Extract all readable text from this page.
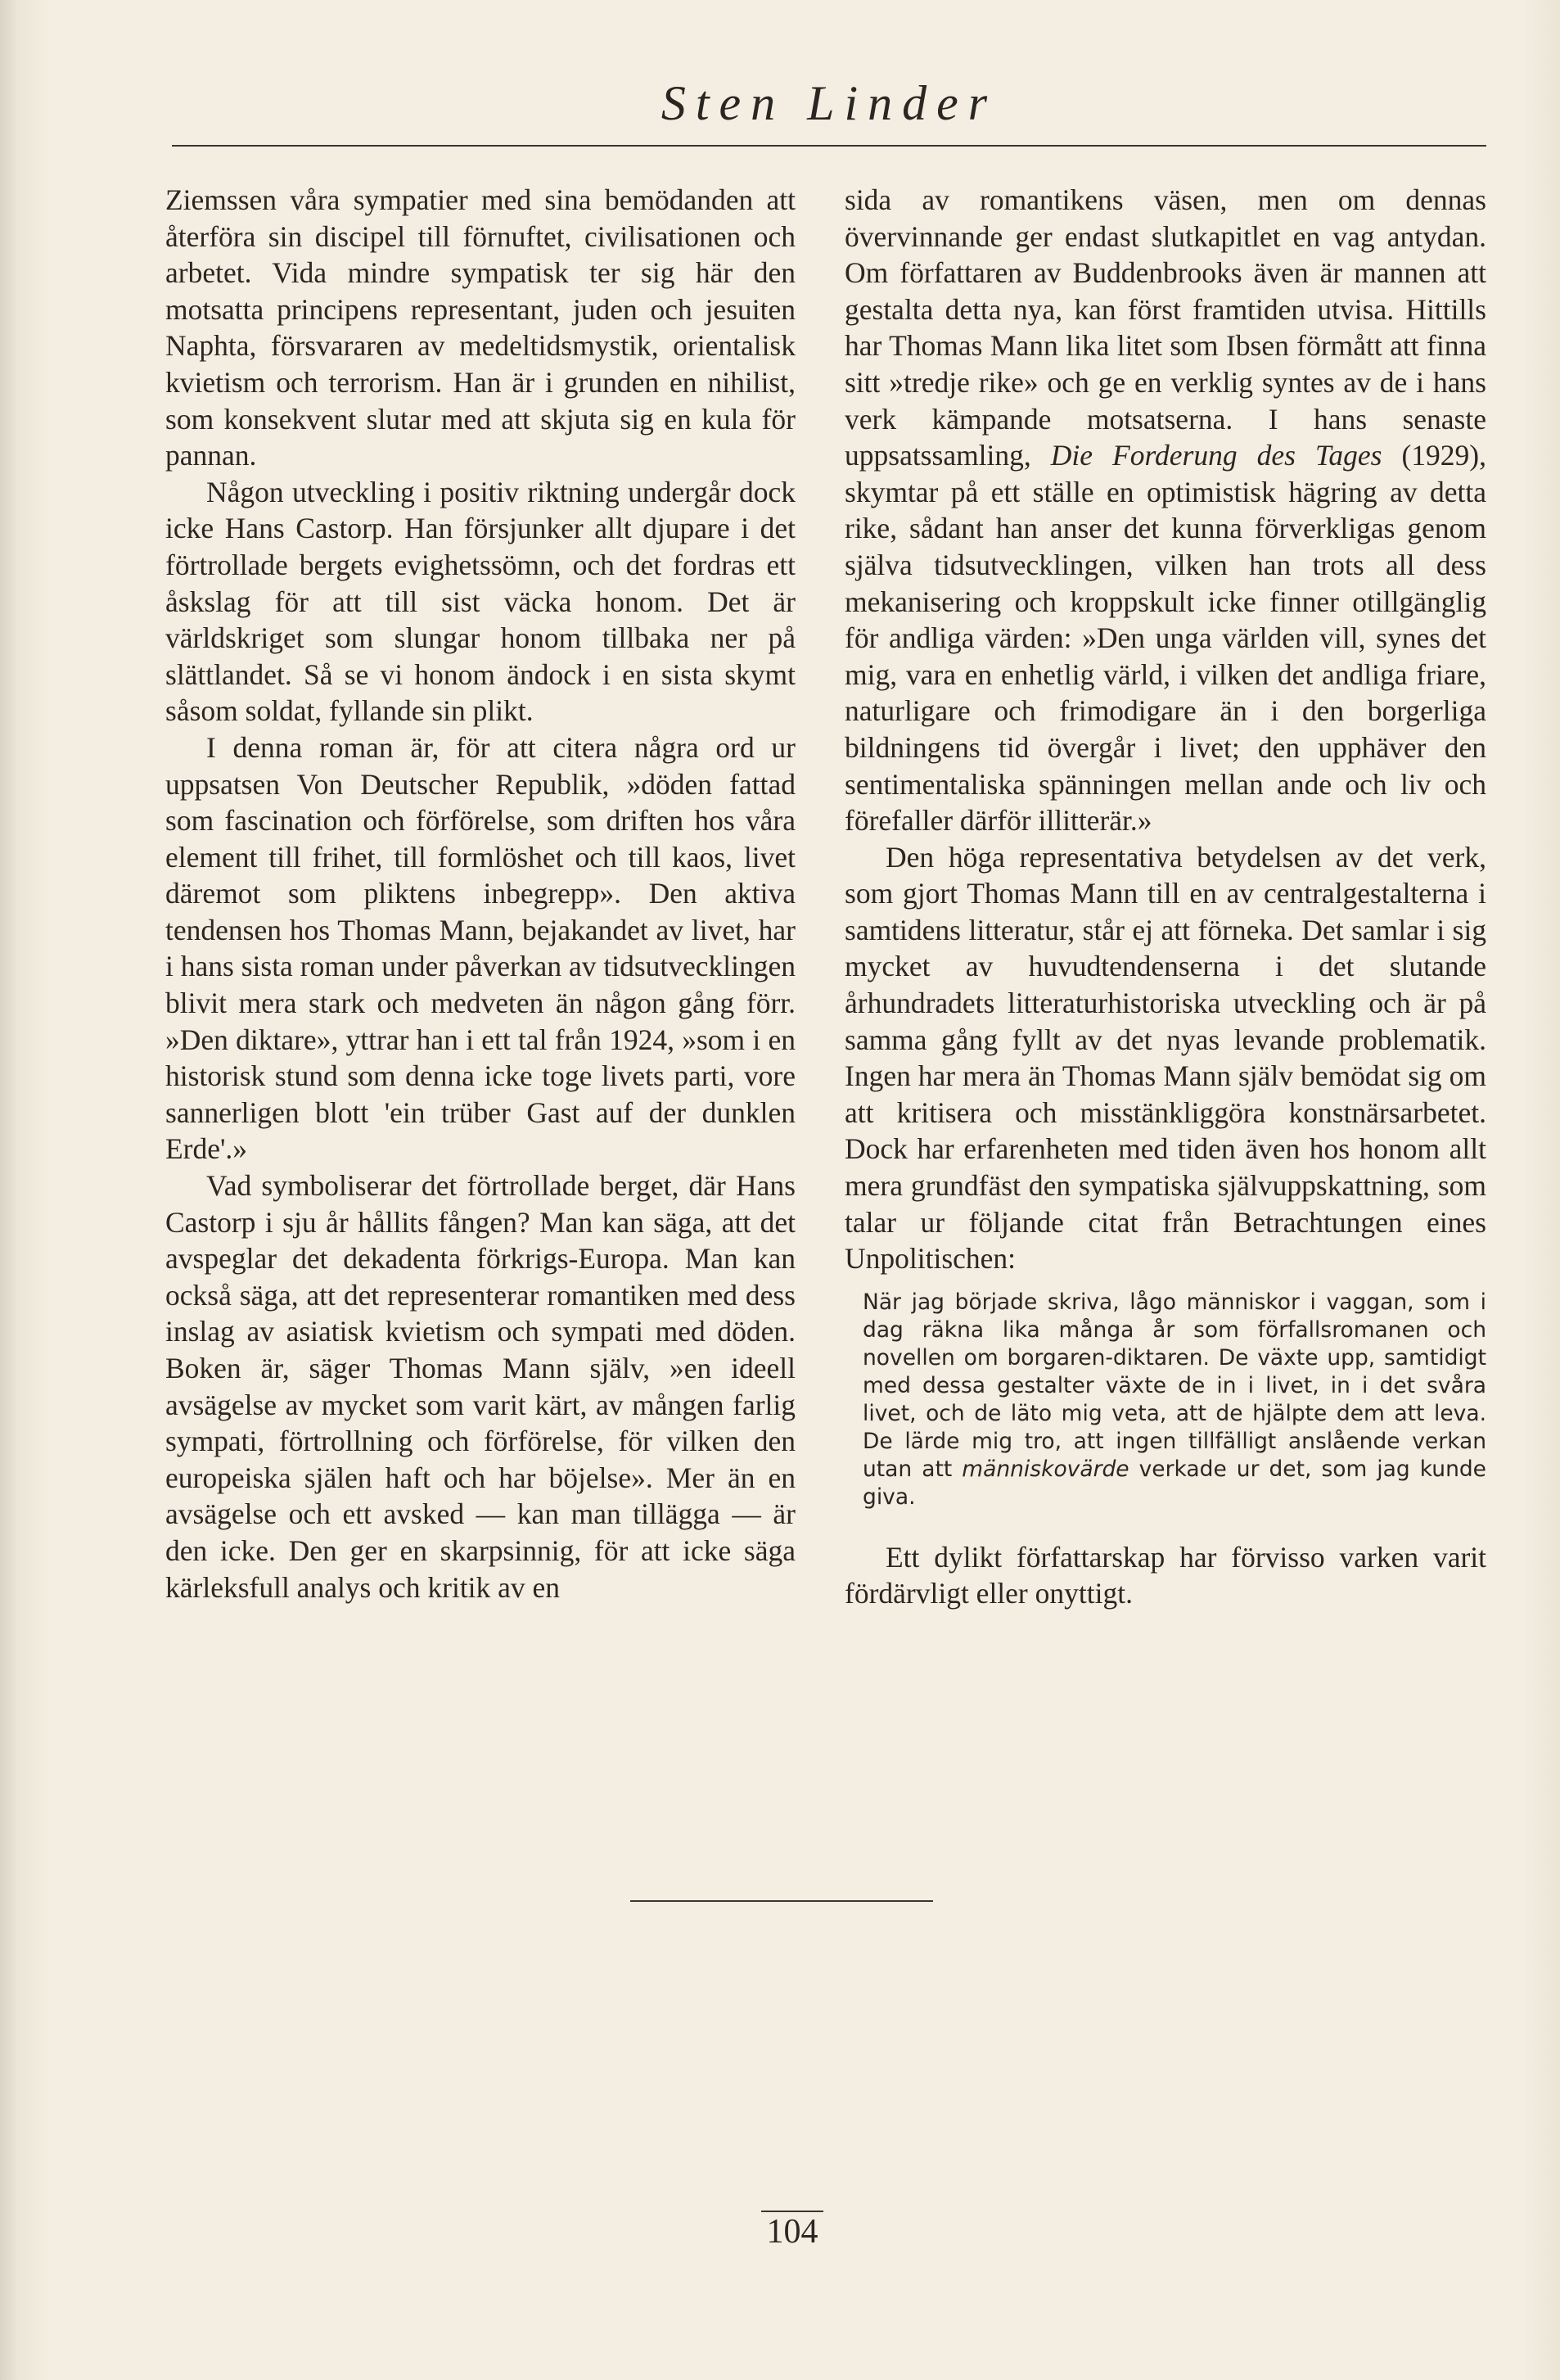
Sten Linder

Ziemssen våra sympatier med sina bemödanden att återföra sin discipel till förnuftet, civilisationen och arbetet. Vida mindre sympatisk ter sig här den motsatta principens representant, juden och jesuiten Naphta, försvararen av medeltidsmystik, orientalisk kvietism och terrorism. Han är i grunden en nihilist, som konsekvent slutar med att skjuta sig en kula för pannan.

Någon utveckling i positiv riktning undergår dock icke Hans Castorp. Han försjunker allt djupare i det förtrollade bergets evighetssömn, och det fordras ett åskslag för att till sist väcka honom. Det är världskriget som slungar honom tillbaka ner på slättlandet. Så se vi honom ändock i en sista skymt såsom soldat, fyllande sin plikt.

I denna roman är, för att citera några ord ur uppsatsen Von Deutscher Republik, »döden fattad som fascination och förförelse, som driften hos våra element till frihet, till formlöshet och till kaos, livet däremot som pliktens inbegrepp». Den aktiva tendensen hos Thomas Mann, bejakandet av livet, har i hans sista roman under påverkan av tidsutvecklingen blivit mera stark och medveten än någon gång förr. »Den diktare», yttrar han i ett tal från 1924, »som i en historisk stund som denna icke toge livets parti, vore sannerligen blott 'ein trüber Gast auf der dunklen Erde'.»

Vad symboliserar det förtrollade berget, där Hans Castorp i sju år hållits fången? Man kan säga, att det avspeglar det dekadenta förkrigs-Europa. Man kan också säga, att det representerar romantiken med dess inslag av asiatisk kvietism och sympati med döden. Boken är, säger Thomas Mann själv, »en ideell avsägelse av mycket som varit kärt, av mången farlig sympati, förtrollning och förförelse, för vilken den europeiska själen haft och har böjelse». Mer än en avsägelse och ett avsked — kan man tillägga — är den icke. Den ger en skarpsinnig, för att icke säga kärleksfull analys och kritik av en

sida av romantikens väsen, men om dennas övervinnande ger endast slutkapitlet en vag antydan. Om författaren av Buddenbrooks även är mannen att gestalta detta nya, kan först framtiden utvisa. Hittills har Thomas Mann lika litet som Ibsen förmått att finna sitt »tredje rike» och ge en verklig syntes av de i hans verk kämpande motsatserna. I hans senaste uppsatssamling, Die Forderung des Tages (1929), skymtar på ett ställe en optimistisk hägring av detta rike, sådant han anser det kunna förverkligas genom själva tidsutvecklingen, vilken han trots all dess mekanisering och kroppskult icke finner otillgänglig för andliga värden: »Den unga världen vill, synes det mig, vara en enhetlig värld, i vilken det andliga friare, naturligare och frimodigare än i den borgerliga bildningens tid övergår i livet; den upphäver den sentimentaliska spänningen mellan ande och liv och förefaller därför illitterär.»

Den höga representativa betydelsen av det verk, som gjort Thomas Mann till en av centralgestalterna i samtidens litteratur, står ej att förneka. Det samlar i sig mycket av huvudtendenserna i det slutande århundradets litteraturhistoriska utveckling och är på samma gång fyllt av det nyas levande problematik. Ingen har mera än Thomas Mann själv bemödat sig om att kritisera och misstänkliggöra konstnärsarbetet. Dock har erfarenheten med tiden även hos honom allt mera grundfäst den sympatiska självuppskattning, som talar ur följande citat från Betrachtungen eines Unpolitischen:

När jag började skriva, lågo människor i vaggan, som i dag räkna lika många år som förfallsromanen och novellen om borgaren-diktaren. De växte upp, samtidigt med dessa gestalter växte de in i livet, in i det svåra livet, och de läto mig veta, att de hjälpte dem att leva. De lärde mig tro, att ingen tillfälligt anslående verkan utan att människovärde verkade ur det, som jag kunde giva.

Ett dylikt författarskap har förvisso varken varit fördärvligt eller onyttigt.

104
